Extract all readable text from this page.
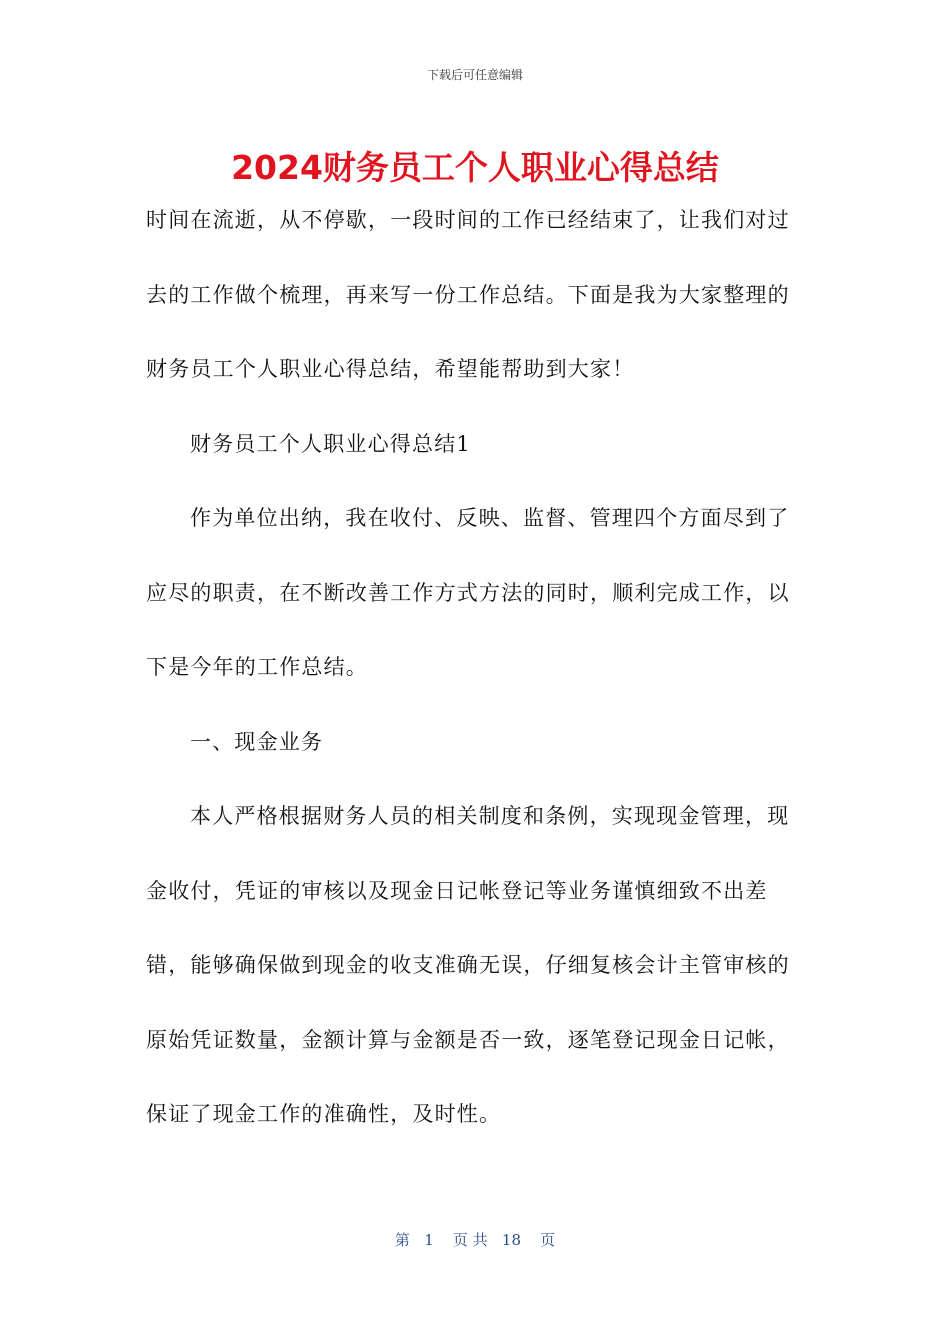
下载后可任意编辑
2024财务员工个人职业心得总结

时间在流逝，从不停歇，一段时间的工作已经结束了，让我们对过去的工作做个梳理，再来写一份工作总结。下面是我为大家整理的财务员工个人职业心得总结，希望能帮助到大家！

财务员工个人职业心得总结1

作为单位出纳，我在收付、反映、监督、管理四个方面尽到了应尽的职责，在不断改善工作方式方法的同时，顺利完成工作，以下是今年的工作总结。

一、现金业务

本人严格根据财务人员的相关制度和条例，实现现金管理，现金收付，凭证的审核以及现金日记帐登记等业务谨慎细致不出差错，能够确保做到现金的收支准确无误，仔细复核会计主管审核的原始凭证数量，金额计算与金额是否一致，逐笔登记现金日记帐，保证了现金工作的准确性，及时性。

第 1 页 共 18 页
